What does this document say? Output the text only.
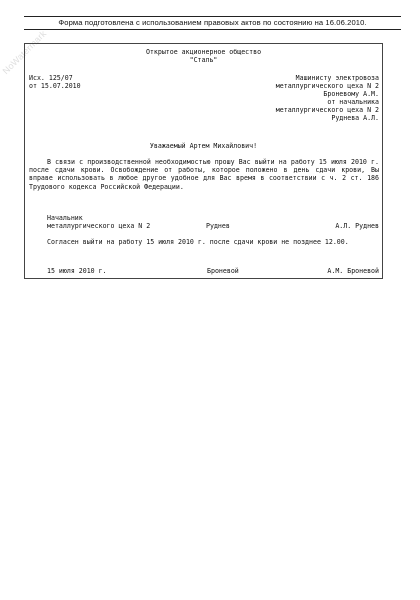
Форма подготовлена с использованием правовых актов по состоянию на 16.06.2010.
NoWatermark	Открытое акционерное общество
"Сталь"
Исх. 125/07
от 15.07.2010
Машинисту электровоза
металлургического цеха N 2
Броневому А.М.
от начальника
металлургического цеха N 2
Руднева А.Л.
Уважаемый Артем Михайлович!
В связи с производственной необходимостью прошу Вас выйти на работу 15 июля 2010 г. после сдачи крови. Освобождение от работы, которое положено в день сдачи крови, Вы вправе использовать в любое другое удобное для Вас время в соответствии с ч. 2 ст. 186 Трудового кодекса Российской Федерации.
Начальник
металлургического цеха N 2	Руднев	А.Л. Руднев
Согласен выйти на работу 15 июля 2010 г. после сдачи крови не позднее 12.00.
15 июля 2010 г.	Броневой	А.М. Броневой
